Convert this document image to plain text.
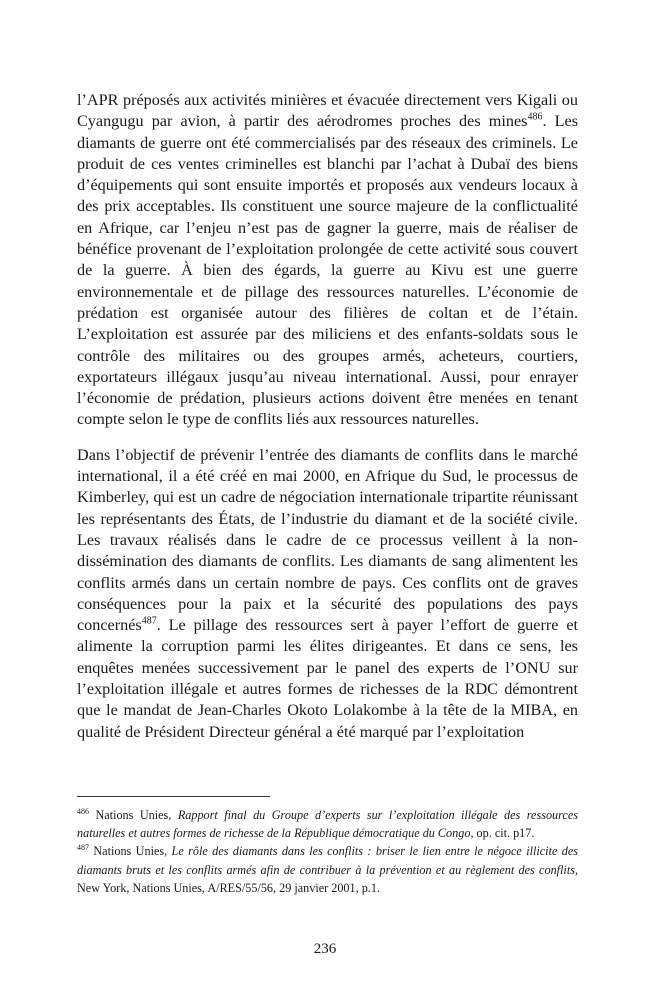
l’APR préposés aux activités minières et évacuée directement vers Kigali ou Cyangugu par avion, à partir des aérodromes proches des mines$^{486}$. Les diamants de guerre ont été commercialisés par des réseaux des criminels. Le produit de ces ventes criminelles est blanchi par l’achat à Dubaï des biens d’équipements qui sont ensuite importés et proposés aux vendeurs locaux à des prix acceptables. Ils constituent une source majeure de la conflictualité en Afrique, car l’enjeu n’est pas de gagner la guerre, mais de réaliser de bénéfice provenant de l’exploitation prolongée de cette activité sous couvert de la guerre. À bien des égards, la guerre au Kivu est une guerre environnementale et de pillage des ressources naturelles. L’économie de prédation est organisée autour des filières de coltan et de l’étain. L’exploitation est assurée par des miliciens et des enfants-soldats sous le contrôle des militaires ou des groupes armés, acheteurs, courtiers, exportateurs illégaux jusqu’au niveau international. Aussi, pour enrayer l’économie de prédation, plusieurs actions doivent être menées en tenant compte selon le type de conflits liés aux ressources naturelles.

Dans l’objectif de prévenir l’entrée des diamants de conflits dans le marché international, il a été créé en mai 2000, en Afrique du Sud, le processus de Kimberley, qui est un cadre de négociation internationale tripartite réunissant les représentants des États, de l’industrie du diamant et de la société civile. Les travaux réalisés dans le cadre de ce processus veillent à la non-dissémination des diamants de conflits. Les diamants de sang alimentent les conflits armés dans un certain nombre de pays. Ces conflits ont de graves conséquences pour la paix et la sécurité des populations des pays concernés$^{487}$. Le pillage des ressources sert à payer l’effort de guerre et alimente la corruption parmi les élites dirigeantes. Et dans ce sens, les enquêtes menées successivement par le panel des experts de l’ONU sur l’exploitation illégale et autres formes de richesses de la RDC démontrent que le mandat de Jean-Charles Okoto Lolakombe à la tête de la MIBA, en qualité de Président Directeur général a été marqué par l’exploitation

$^{486}$ Nations Unies, Rapport final du Groupe d’experts sur l’exploitation illégale des ressources naturelles et autres formes de richesse de la République démocratique du Congo, op. cit. p17.

$^{487}$ Nations Unies, Le rôle des diamants dans les conflits : briser le lien entre le négoce illicite des diamants bruts et les conflits armés afin de contribuer à la prévention et au règlement des conflits, New York, Nations Unies, A/RES/55/56, 29 janvier 2001, p.1.

236
